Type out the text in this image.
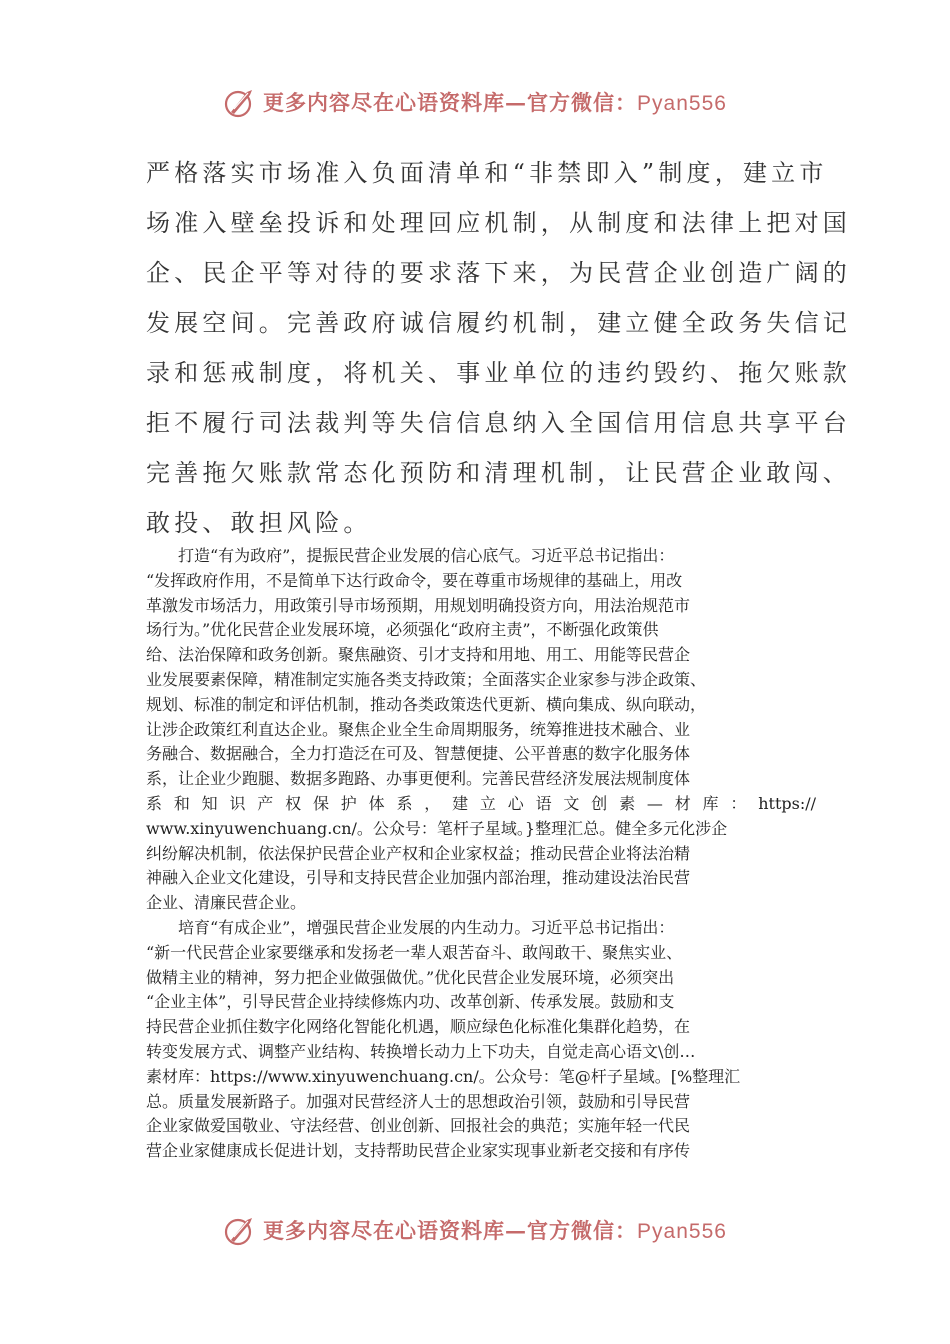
更多内容尽在心语资料库—官方微信：Pyan556
严格落实市场准入负面清单和“非禁即入”制度，建立市
场准入壁垒投诉和处理回应机制，从制度和法律上把对国
企、民企平等对待的要求落下来，为民营企业创造广阔的
发展空间。完善政府诚信履约机制，建立健全政务失信记
录和惩戒制度，将机关、事业单位的违约毁约、拖欠账款
拒不履行司法裁判等失信信息纳入全国信用信息共享平台
完善拖欠账款常态化预防和清理机制，让民营企业敢闯、
敢投、敢担风险。
打造“有为政府”，提振民营企业发展的信心底气。习近平总书记指出：
“发挥政府作用，不是简单下达行政命令，要在尊重市场规律的基础上，用改
革激发市场活力，用政策引导市场预期，用规划明确投资方向，用法治规范市
场行为。”优化民营企业发展环境，必须强化“政府主责”，不断强化政策供
给、法治保障和政务创新。聚焦融资、引才支持和用地、用工、用能等民营企
业发展要素保障，精准制定实施各类支持政策；全面落实企业家参与涉企政策、
规划、标准的制定和评估机制，推动各类政策迭代更新、横向集成、纵向联动，
让涉企政策红利直达企业。聚焦企业全生命周期服务，统筹推进技术融合、业
务融合、数据融合，全力打造泛在可及、智慧便捷、公平普惠的数字化服务体
系，让企业少跑腿、数据多跑路、办事更便利。完善民营经济发展法规制度体
系和知识产权保护体系，建立心语文创素—材库：https://
www.xinyuwenchuang.cn/。公众号：笔杆子星域。}整理汇总。健全多元化涉企
纠纷解决机制，依法保护民营企业产权和企业家权益；推动民营企业将法治精
神融入企业文化建设，引导和支持民营企业加强内部治理，推动建设法治民营
企业、清廉民营企业。
培育“有成企业”，增强民营企业发展的内生动力。习近平总书记指出：
“新一代民营企业家要继承和发扬老一辈人艰苦奋斗、敢闯敢干、聚焦实业、
做精主业的精神，努力把企业做强做优。”优化民营企业发展环境，必须突出
“企业主体”，引导民营企业持续修炼内功、改革创新、传承发展。鼓励和支
持民营企业抓住数字化网络化智能化机遇，顺应绿色化标准化集群化趋势，在
转变发展方式、调整产业结构、转换增长动力上下功夫，自觉走高心语文\创…
素材库：https://www.xinyuwenchuang.cn/。公众号：笔@杆子星域。[%整理汇
总。质量发展新路子。加强对民营经济人士的思想政治引领，鼓励和引导民营
企业家做爱国敬业、守法经营、创业创新、回报社会的典范；实施年轻一代民
营企业家健康成长促进计划，支持帮助民营企业家实现事业新老交接和有序传
更多内容尽在心语资料库—官方微信：Pyan556
